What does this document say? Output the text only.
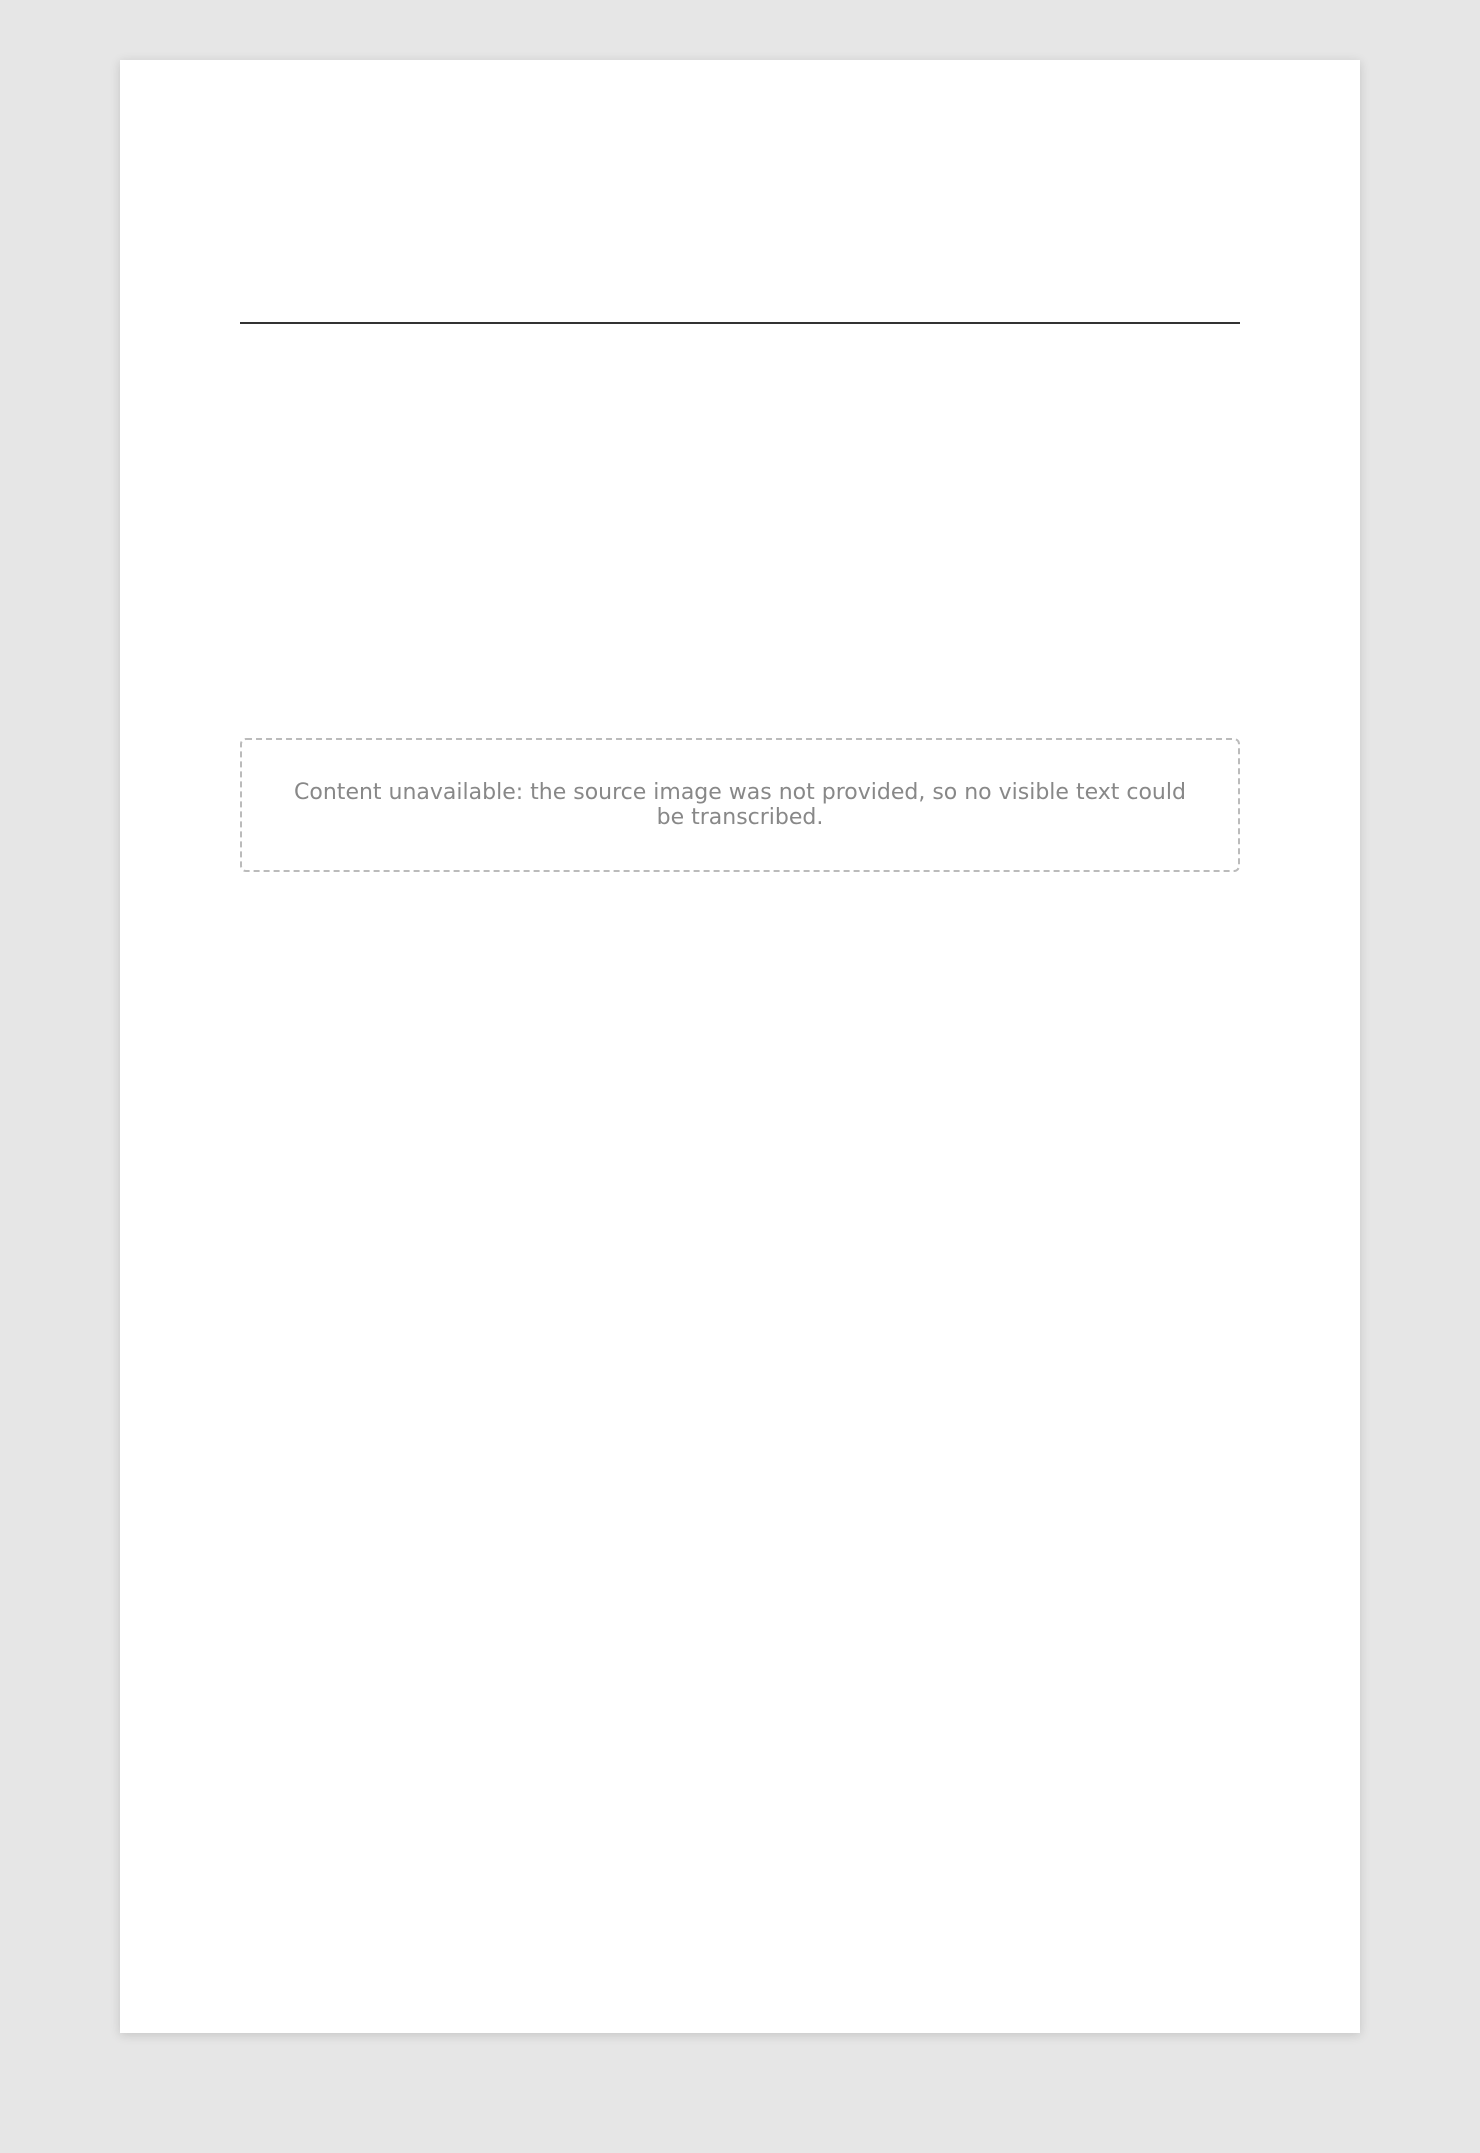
Content unavailable: the source image was not provided, so no visible text could be transcribed.
